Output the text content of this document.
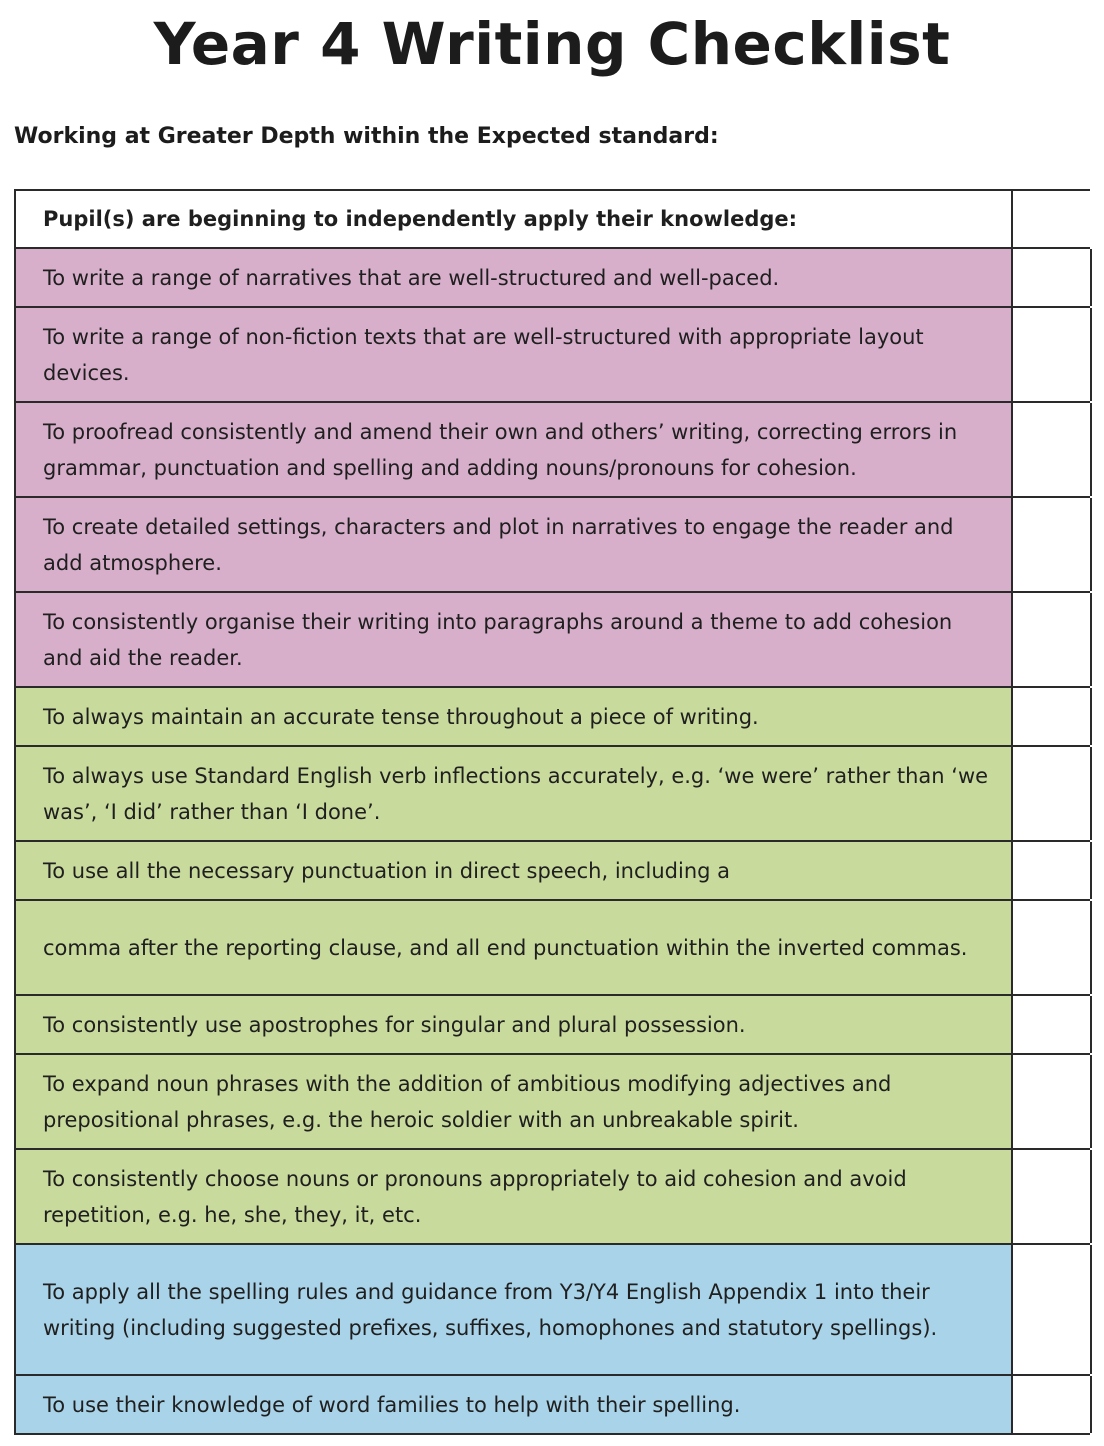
Year 4 Writing Checklist
Working at Greater Depth within the Expected standard:
Pupil(s) are beginning to independently apply their knowledge:
To write a range of narratives that are well-structured and well-paced.
To write a range of non-fiction texts that are well-structured with appropriate layout devices.
To proofread consistently and amend their own and others’ writing, correcting errors in grammar, punctuation and spelling and adding nouns/pronouns for cohesion.
To create detailed settings, characters and plot in narratives to engage the reader and add atmosphere.
To consistently organise their writing into paragraphs around a theme to add cohesion and aid the reader.
To always maintain an accurate tense throughout a piece of writing.
To always use Standard English verb inflections accurately, e.g. ‘we were’ rather than ‘we was’, ‘I did’ rather than ‘I done’.
To use all the necessary punctuation in direct speech, including a
comma after the reporting clause, and all end punctuation within the inverted commas.
To consistently use apostrophes for singular and plural possession.
To expand noun phrases with the addition of ambitious modifying adjectives and prepositional phrases, e.g. the heroic soldier with an unbreakable spirit.
To consistently choose nouns or pronouns appropriately to aid cohesion and avoid repetition, e.g. he, she, they, it, etc.
To apply all the spelling rules and guidance from Y3/Y4 English Appendix 1 into their writing (including suggested prefixes, suffixes, homophones and statutory spellings).
To use their knowledge of word families to help with their spelling.
